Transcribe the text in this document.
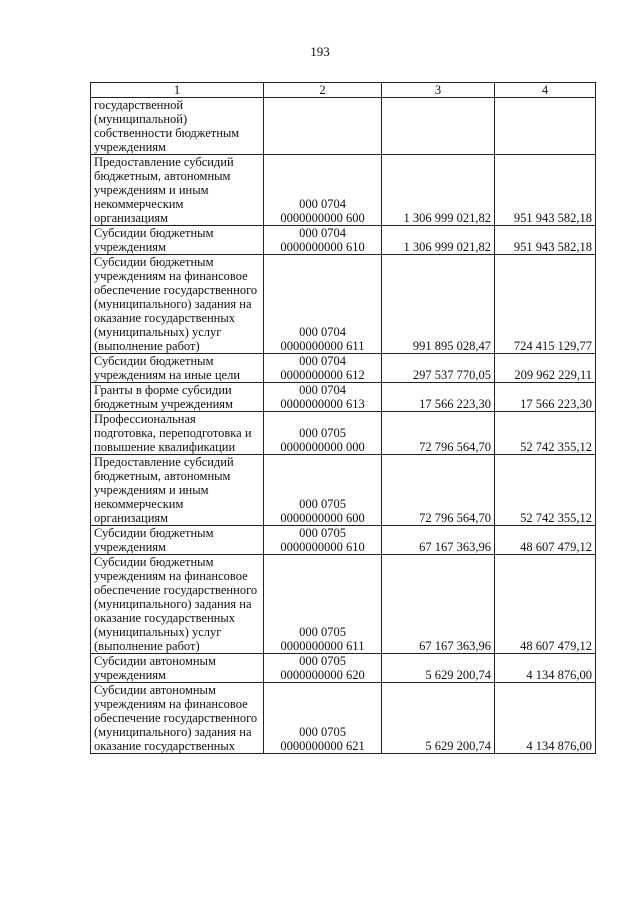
193
1	2	3	4
государственной (муниципальной) собственности бюджетным учреждениям			
Предоставление субсидий бюджетным, автономным учреждениям и иным некоммерческим организациям	000 0704 0000000000 600	1 306 999 021,82	951 943 582,18
Субсидии бюджетным учреждениям	000 0704 0000000000 610	1 306 999 021,82	951 943 582,18
Субсидии бюджетным учреждениям на финансовое обеспечение государственного (муниципального) задания на оказание государственных (муниципальных) услуг (выполнение работ)	000 0704 0000000000 611	991 895 028,47	724 415 129,77
Субсидии бюджетным учреждениям на иные цели	000 0704 0000000000 612	297 537 770,05	209 962 229,11
Гранты в форме субсидии бюджетным учреждениям	000 0704 0000000000 613	17 566 223,30	17 566 223,30
Профессиональная подготовка, переподготовка и повышение квалификации	000 0705 0000000000 000	72 796 564,70	52 742 355,12
Предоставление субсидий бюджетным, автономным учреждениям и иным некоммерческим организациям	000 0705 0000000000 600	72 796 564,70	52 742 355,12
Субсидии бюджетным учреждениям	000 0705 0000000000 610	67 167 363,96	48 607 479,12
Субсидии бюджетным учреждениям на финансовое обеспечение государственного (муниципального) задания на оказание государственных (муниципальных) услуг (выполнение работ)	000 0705 0000000000 611	67 167 363,96	48 607 479,12
Субсидии автономным учреждениям	000 0705 0000000000 620	5 629 200,74	4 134 876,00
Субсидии автономным учреждениям на финансовое обеспечение государственного (муниципального) задания на оказание государственных	000 0705 0000000000 621	5 629 200,74	4 134 876,00
